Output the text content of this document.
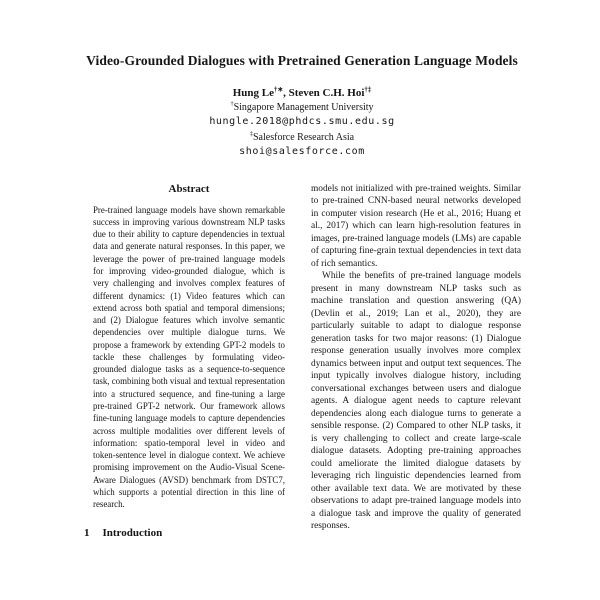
Video-Grounded Dialogues with Pretrained Generation Language Models
Hung Le†∗, Steven C.H. Hoi†‡
†Singapore Management University
hungle.2018@phdcs.smu.edu.sg
‡Salesforce Research Asia
shoi@salesforce.com
Abstract

Pre-trained language models have shown remarkable success in improving various downstream NLP tasks due to their ability to capture dependencies in textual data and generate natural responses. In this paper, we leverage the power of pre-trained language models for improving video-grounded dialogue, which is very challenging and involves complex features of different dynamics: (1) Video features which can extend across both spatial and temporal dimensions; and (2) Dialogue features which involve semantic dependencies over multiple dialogue turns. We propose a framework by extending GPT-2 models to tackle these challenges by formulating video-grounded dialogue tasks as a sequence-to-sequence task, combining both visual and textual representation into a structured sequence, and fine-tuning a large pre-trained GPT-2 network. Our framework allows fine-tuning language models to capture dependencies across multiple modalities over different levels of information: spatio-temporal level in video and token-sentence level in dialogue context. We achieve promising improvement on the Audio-Visual Scene-Aware Dialogues (AVSD) benchmark from DSTC7, which supports a potential direction in this line of research.

1 Introduction

models not initialized with pre-trained weights. Similar to pre-trained CNN-based neural networks developed in computer vision research (He et al., 2016; Huang et al., 2017) which can learn high-resolution features in images, pre-trained language models (LMs) are capable of capturing fine-grain textual dependencies in text data of rich semantics.

While the benefits of pre-trained language models present in many downstream NLP tasks such as machine translation and question answering (QA) (Devlin et al., 2019; Lan et al., 2020), they are particularly suitable to adapt to dialogue response generation tasks for two major reasons: (1) Dialogue response generation usually involves more complex dynamics between input and output text sequences. The input typically involves dialogue history, including conversational exchanges between users and dialogue agents. A dialogue agent needs to capture relevant dependencies along each dialogue turns to generate a sensible response. (2) Compared to other NLP tasks, it is very challenging to collect and create large-scale dialogue datasets. Adopting pre-training approaches could ameliorate the limited dialogue datasets by leveraging rich linguistic dependencies learned from other available text data. We are motivated by these observations to adapt pre-trained language models into a dialogue task and improve the quality of generated responses.
